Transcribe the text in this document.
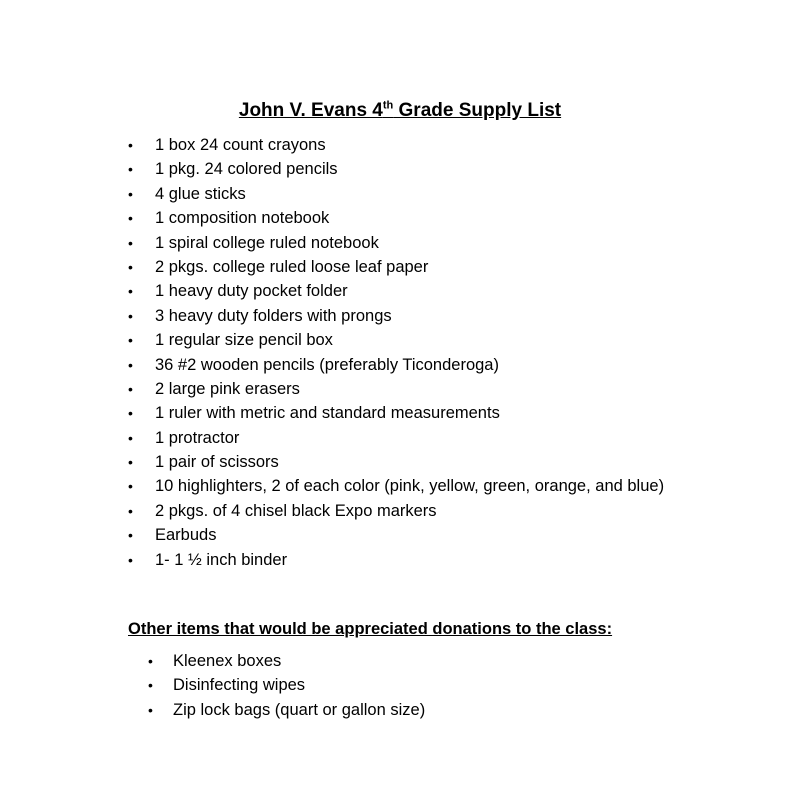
John V. Evans 4th Grade Supply List
•	1 box 24 count crayons
•	1 pkg. 24 colored pencils
•	4 glue sticks
•	1 composition notebook
•	1 spiral college ruled notebook
•	2 pkgs. college ruled loose leaf paper
•	1 heavy duty pocket folder
•	3 heavy duty folders with prongs
•	1 regular size pencil box
•	36 #2 wooden pencils (preferably Ticonderoga)
•	2 large pink erasers
•	1 ruler with metric and standard measurements
•	1 protractor
•	1 pair of scissors
•	10 highlighters, 2 of each color (pink, yellow, green, orange, and blue)
•	2 pkgs. of 4 chisel black Expo markers
•	Earbuds
•	1- 1 ½ inch binder
Other items that would be appreciated donations to the class:
•	Kleenex boxes
•	Disinfecting wipes
•	Zip lock bags (quart or gallon size)
